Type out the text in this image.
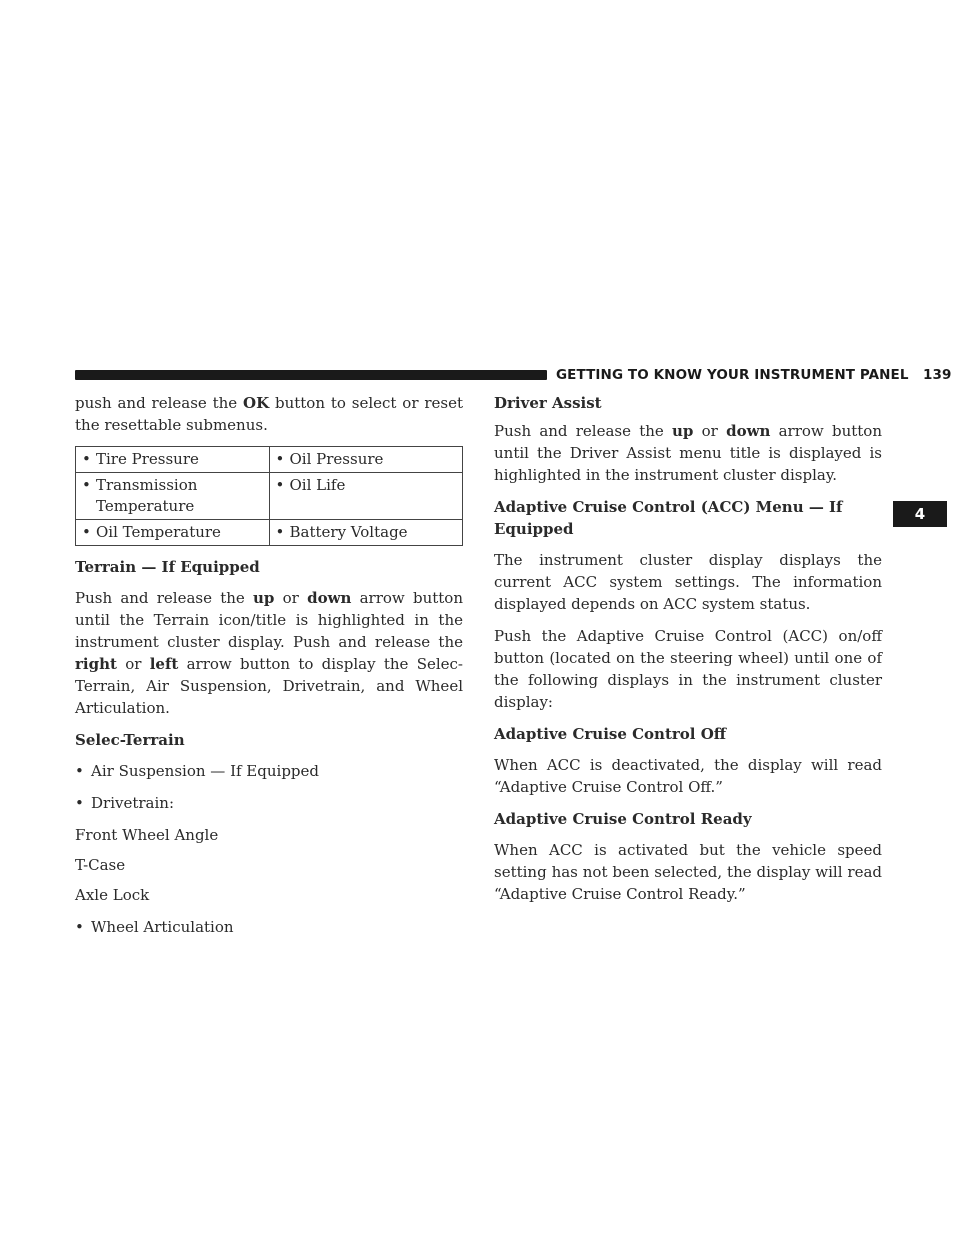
GETTING TO KNOW YOUR INSTRUMENT PANEL 139
4

push and release the OK button to select or reset the resettable submenus.

• Tire Pressure	• Oil Pressure

• Transmission Temperature	• Oil Life

• Oil Temperature	• Battery Voltage
Terrain — If Equipped

Push and release the up or down arrow button until the Terrain icon/title is highlighted in the instrument cluster display. Push and release the right or left arrow button to display the Selec-Terrain, Air Suspension, Drivetrain, and Wheel Articulation.

Selec-Terrain
• Air Suspension — If Equipped
• Drivetrain:
Front Wheel Angle
T-Case
Axle Lock
• Wheel Articulation
Driver Assist

Push and release the up or down arrow button until the Driver Assist menu title is displayed is highlighted in the instrument cluster display.

Adaptive Cruise Control (ACC) Menu — If Equipped

The instrument cluster display displays the current ACC system settings. The information displayed depends on ACC system status.

Push the Adaptive Cruise Control (ACC) on/off button (located on the steering wheel) until one of the following displays in the instrument cluster display:

Adaptive Cruise Control Off

When ACC is deactivated, the display will read “Adaptive Cruise Control Off.”

Adaptive Cruise Control Ready

When ACC is activated but the vehicle speed setting has not been selected, the display will read “Adaptive Cruise Control Ready.”
